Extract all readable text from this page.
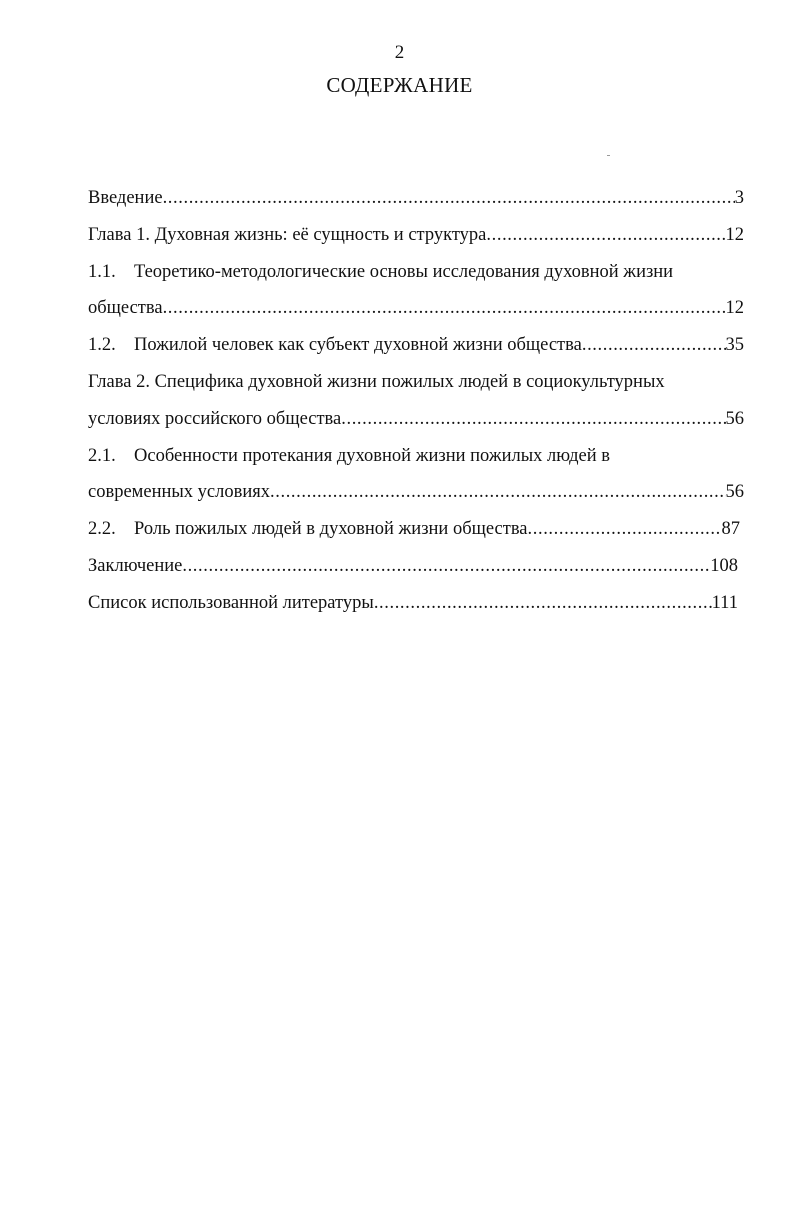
2
СОДЕРЖАНИЕ
Введение .....	3
Глава 1. Духовная жизнь: её сущность и структура .....	12
1.1. Теоретико-методологические основы исследования духовной жизни
общества .....	12
1.2. Пожилой человек как субъект духовной жизни общества .....	35
Глава 2. Специфика духовной жизни пожилых людей в социокультурных
условиях российского общества .....	56
2.1. Особенности протекания духовной жизни пожилых людей в
современных условиях .....	56
2.2. Роль пожилых людей в духовной жизни общества .....	87
Заключение .....	108
Список использованной литературы .....	111
